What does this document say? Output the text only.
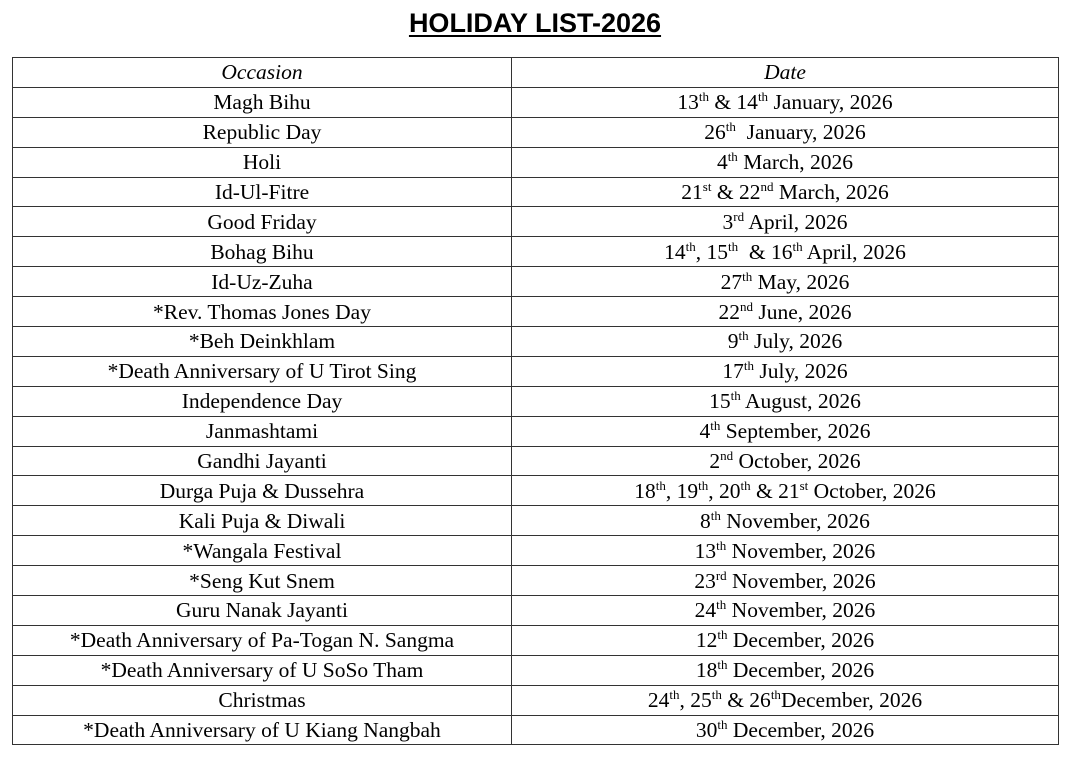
HOLIDAY LIST-2026
Occasion	Date
Magh Bihu	13th & 14th January, 2026
Republic Day	26th  January, 2026
Holi	4th March, 2026
Id-Ul-Fitre	21st & 22nd March, 2026
Good Friday	3rd April, 2026
Bohag Bihu	14th, 15th  & 16th April, 2026
Id-Uz-Zuha	27th May, 2026
*Rev. Thomas Jones Day	22nd June, 2026
*Beh Deinkhlam	9th July, 2026
*Death Anniversary of U Tirot Sing	17th July, 2026
Independence Day	15th August, 2026
Janmashtami	4th September, 2026
Gandhi Jayanti	2nd October, 2026
Durga Puja & Dussehra	18th, 19th, 20th & 21st October, 2026
Kali Puja & Diwali	8th November, 2026
*Wangala Festival	13th November, 2026
*Seng Kut Snem	23rd November, 2026
Guru Nanak Jayanti	24th November, 2026
*Death Anniversary of Pa-Togan N. Sangma	12th December, 2026
*Death Anniversary of U SoSo Tham	18th December, 2026
Christmas	24th, 25th & 26thDecember, 2026
*Death Anniversary of U Kiang Nangbah	30th December, 2026
